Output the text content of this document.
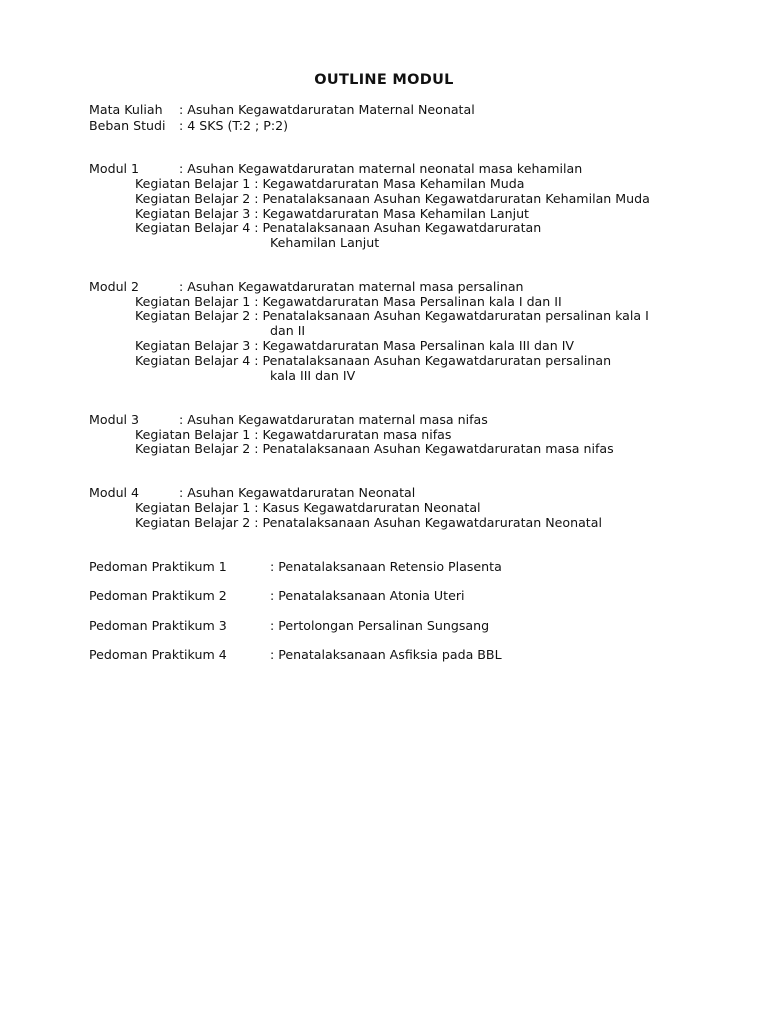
OUTLINE MODUL
Mata Kuliah : Asuhan Kegawatdaruratan Maternal Neonatal
Beban Studi : 4 SKS (T:2 ; P:2)
Modul 1	: Asuhan Kegawatdaruratan maternal neonatal masa kehamilan
Kegiatan Belajar 1 : Kegawatdaruratan Masa Kehamilan Muda
Kegiatan Belajar 2 : Penatalaksanaan Asuhan Kegawatdaruratan Kehamilan Muda
Kegiatan Belajar 3 : Kegawatdaruratan Masa Kehamilan Lanjut
Kegiatan Belajar 4 : Penatalaksanaan Asuhan Kegawatdaruratan
Kehamilan Lanjut
Modul 2	: Asuhan Kegawatdaruratan maternal masa persalinan
Kegiatan Belajar 1 : Kegawatdaruratan Masa Persalinan kala I dan II
Kegiatan Belajar 2 : Penatalaksanaan Asuhan Kegawatdaruratan persalinan kala I
dan II
Kegiatan Belajar 3 : Kegawatdaruratan Masa Persalinan kala III dan IV
Kegiatan Belajar 4 : Penatalaksanaan Asuhan Kegawatdaruratan persalinan
kala III dan IV
Modul 3	: Asuhan Kegawatdaruratan maternal masa nifas
Kegiatan Belajar 1 : Kegawatdaruratan masa nifas
Kegiatan Belajar 2 : Penatalaksanaan Asuhan Kegawatdaruratan masa nifas
Modul 4	: Asuhan Kegawatdaruratan Neonatal
Kegiatan Belajar 1 : Kasus Kegawatdaruratan Neonatal
Kegiatan Belajar 2 : Penatalaksanaan Asuhan Kegawatdaruratan Neonatal
Pedoman Praktikum 1	: Penatalaksanaan Retensio Plasenta
Pedoman Praktikum 2	: Penatalaksanaan Atonia Uteri
Pedoman Praktikum 3	: Pertolongan Persalinan Sungsang
Pedoman Praktikum 4	: Penatalaksanaan Asfiksia pada BBL
